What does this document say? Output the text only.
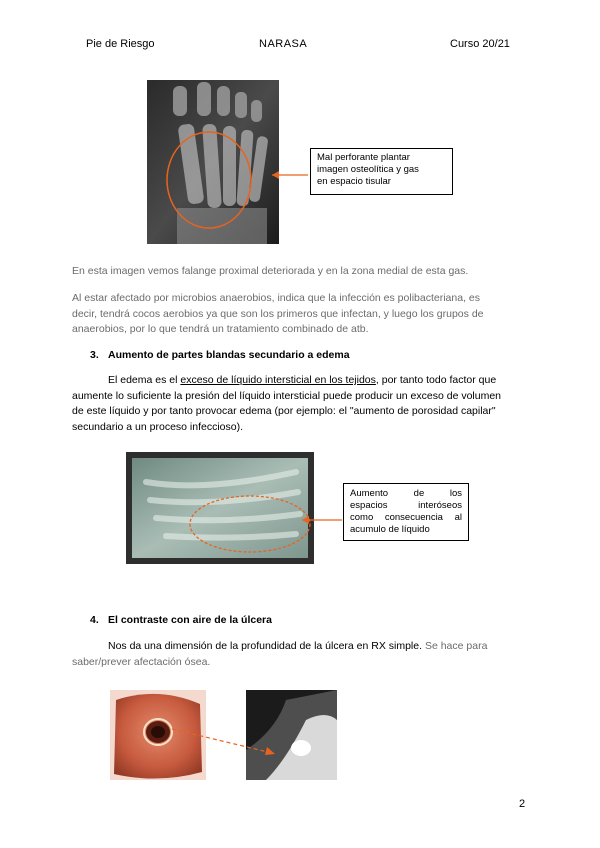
Pie de Riesgo	NARASA	Curso 20/21
Mal perforante plantar
imagen osteolítica y gas
en espacio tisular
En esta imagen vemos falange proximal deteriorada y en la zona medial de esta gas.
Al estar afectado por microbios anaerobios, indica que la infección es polibacteriana, es
decir, tendrá cocos aerobios ya que son los primeros que infectan, y luego los grupos de
anaerobios, por lo que tendrá un tratamiento combinado de atb.
3. Aumento de partes blandas secundario a edema
El edema es el exceso de líquido intersticial en los tejidos, por tanto todo factor que
aumente lo suficiente la presión del líquido intersticial puede producir un exceso de volumen
de este líquido y por tanto provocar edema (por ejemplo: el "aumento de porosidad capilar"
secundario a un proceso infeccioso).
Aumento de los
espacios interóseos
como consecuencia al
acumulo de líquido
4. El contraste con aire de la úlcera
Nos da una dimensión de la profundidad de la úlcera en RX simple. Se hace para
saber/prever afectación ósea.
2
